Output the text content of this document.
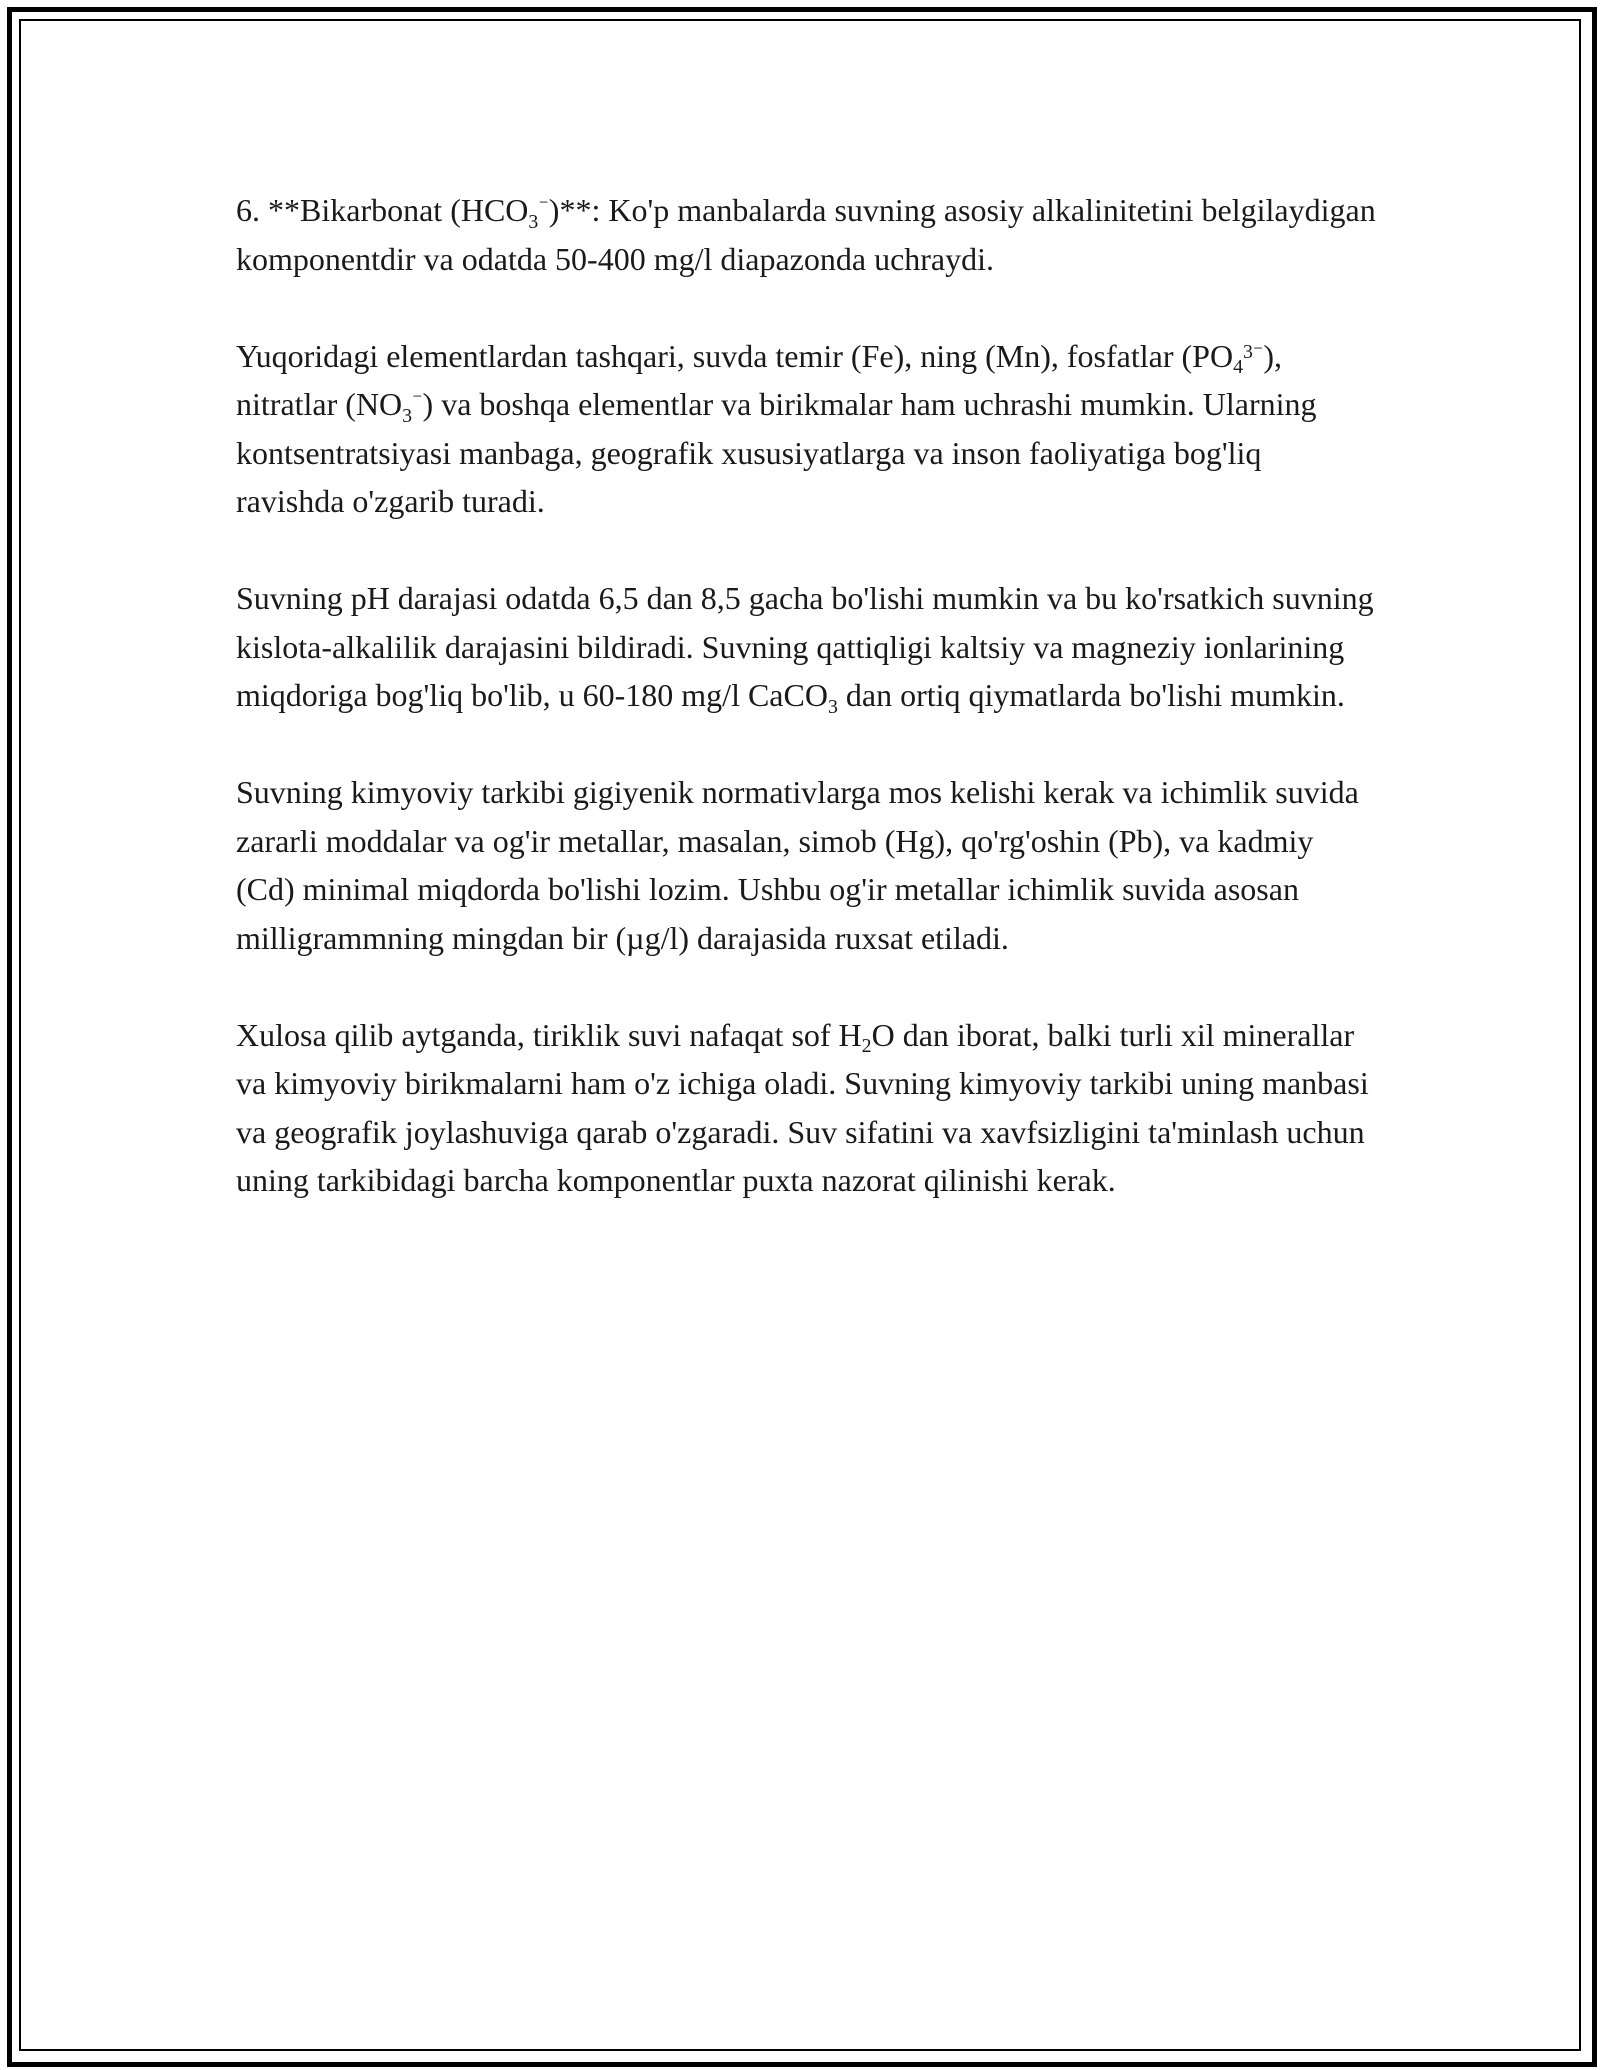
6. **Bikarbonat $(HCO_3^{^-})**$: Ko'p manbalarda suvning asosiy alkalinitetini belgilaydigan komponentdir va odatda 50-400 mg/l diapazonda uchraydi.

Yuqoridagi elementlardan tashqari, suvda temir (Fe), ning (Mn), fosfatlar $(PO_4^{3^-})$, nitratlar $(NO_3^{^-})$ va boshqa elementlar va birikmalar ham uchrashi mumkin. Ularning kontsentratsiyasi manbaga, geografik xususiyatlarga va inson faoliyatiga bog'liq ravishda o'zgarib turadi.

Suvning pH darajasi odatda 6,5 dan 8,5 gacha bo'lishi mumkin va bu ko'rsatkich suvning kislota-alkalilik darajasini bildiradi. Suvning qattiqligi kaltsiy va magneziy ionlarining miqdoriga bog'liq bo'lib, u 60-180 mg/l CaCO$_3$ dan ortiq qiymatlarda bo'lishi mumkin.

Suvning kimyoviy tarkibi gigiyenik normativlarga mos kelishi kerak va ichimlik suvida zararli moddalar va og'ir metallar, masalan, simob (Hg), qo'rg'oshin (Pb), va kadmiy (Cd) minimal miqdorda bo'lishi lozim. Ushbu og'ir metallar ichimlik suvida asosan milligrammning mingdan bir (µg/l) darajasida ruxsat etiladi.

Xulosa qilib aytganda, tiriklik suvi nafaqat sof $H_2O$ dan iborat, balki turli xil minerallar va kimyoviy birikmalarni ham o'z ichiga oladi. Suvning kimyoviy tarkibi uning manbasi va geografik joylashuviga qarab o'zgaradi. Suv sifatini va xavfsizligini ta'minlash uchun uning tarkibidagi barcha komponentlar puxta nazorat qilinishi kerak.
